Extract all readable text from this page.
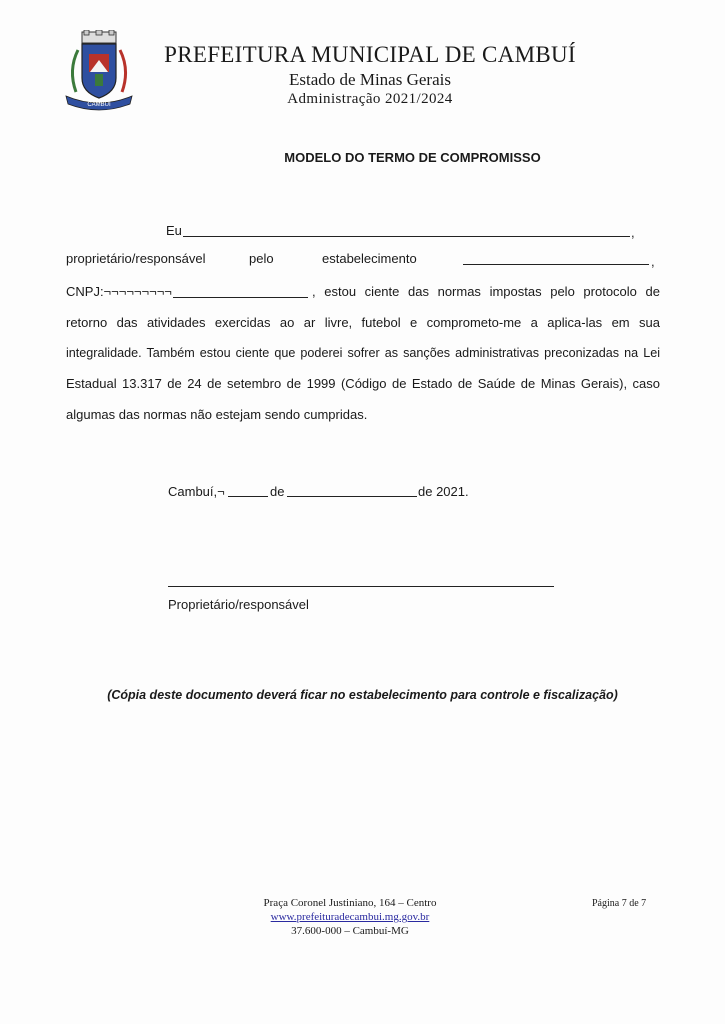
CAMBUÍ
PREFEITURA MUNICIPAL DE CAMBUÍ
Estado de Minas Gerais
Administração 2021/2024
MODELO DO TERMO DE COMPROMISSO
Eu	,
proprietário/responsável	pelo	estabelecimento	,
CNPJ:¬¬¬¬¬¬¬¬¬	, estou ciente das normas impostas pelo protocolo de
retorno das atividades exercidas ao ar livre, futebol e comprometo-me a aplica-las em sua
integralidade. Também estou ciente que poderei sofrer as sanções administrativas preconizadas na Lei
Estadual 13.317 de 24 de setembro de 1999 (Código de Estado de Saúde de Minas Gerais), caso
algumas das normas não estejam sendo cumpridas.
Cambuí,¬	de	de 2021.
Proprietário/responsável
(Cópia deste documento deverá ficar no estabelecimento para controle e fiscalização)
Praça Coronel Justiniano, 164 – Centro
www.prefeituradecambui.mg.gov.br
37.600-000 – Cambuí-MG
Página 7 de 7
